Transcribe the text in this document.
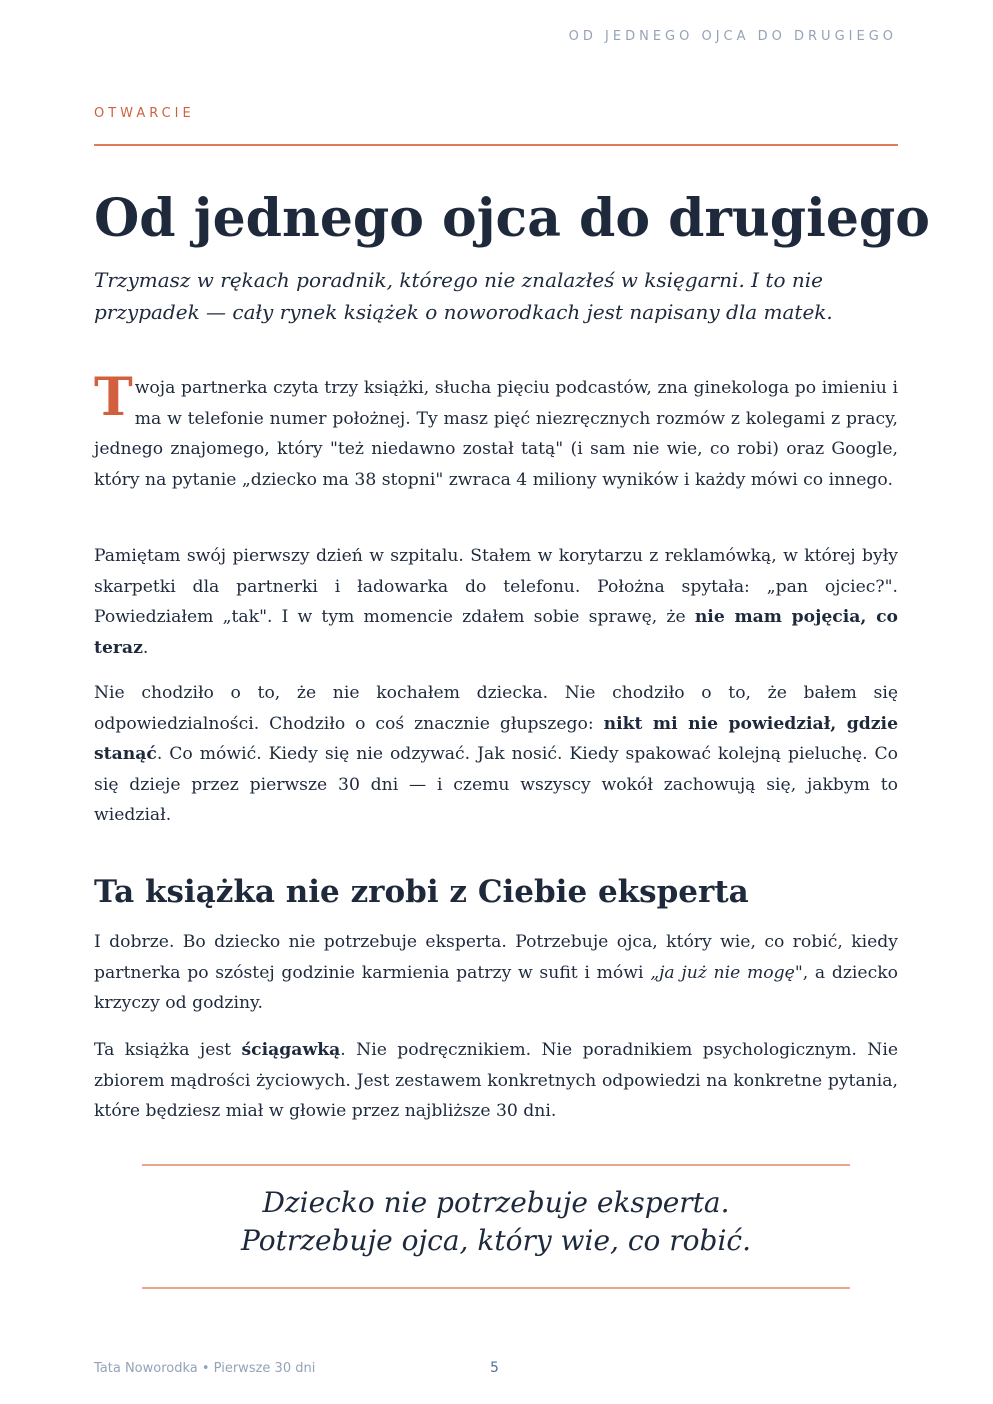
OD JEDNEGO OJCA DO DRUGIEGO
OTWARCIE
Od jednego ojca do drugiego

Trzymasz w rękach poradnik, którego nie znalazłeś w księgarni. I to nie przypadek — cały rynek książek o noworodkach jest napisany dla matek.

Twoja partnerka czyta trzy książki, słucha pięciu podcastów, zna ginekologa po imieniu i ma w telefonie numer położnej. Ty masz pięć niezręcznych rozmów z kolegami z pracy, jednego znajomego, który "też niedawno został tatą" (i sam nie wie, co robi) oraz Google, który na pytanie „dziecko ma 38 stopni" zwraca 4 miliony wyników i każdy mówi co innego.

Pamiętam swój pierwszy dzień w szpitalu. Stałem w korytarzu z reklamówką, w której były skarpetki dla partnerki i ładowarka do telefonu. Położna spytała: „pan ojciec?". Powiedziałem „tak". I w tym momencie zdałem sobie sprawę, że nie mam pojęcia, co teraz.

Nie chodziło o to, że nie kochałem dziecka. Nie chodziło o to, że bałem się odpowiedzialności. Chodziło o coś znacznie głupszego: nikt mi nie powiedział, gdzie stanąć. Co mówić. Kiedy się nie odzywać. Jak nosić. Kiedy spakować kolejną pieluchę. Co się dzieje przez pierwsze 30 dni — i czemu wszyscy wokół zachowują się, jakbym to wiedział.

Ta książka nie zrobi z Ciebie eksperta

I dobrze. Bo dziecko nie potrzebuje eksperta. Potrzebuje ojca, który wie, co robić, kiedy partnerka po szóstej godzinie karmienia patrzy w sufit i mówi „ja już nie mogę", a dziecko krzyczy od godziny.

Ta książka jest ściągawką. Nie podręcznikiem. Nie poradnikiem psychologicznym. Nie zbiorem mądrości życiowych. Jest zestawem konkretnych odpowiedzi na konkretne pytania, które będziesz miał w głowie przez najbliższe 30 dni.

Dziecko nie potrzebuje eksperta.
Potrzebuje ojca, który wie, co robić.

Tata Noworodka • Pierwsze 30 dni	5
